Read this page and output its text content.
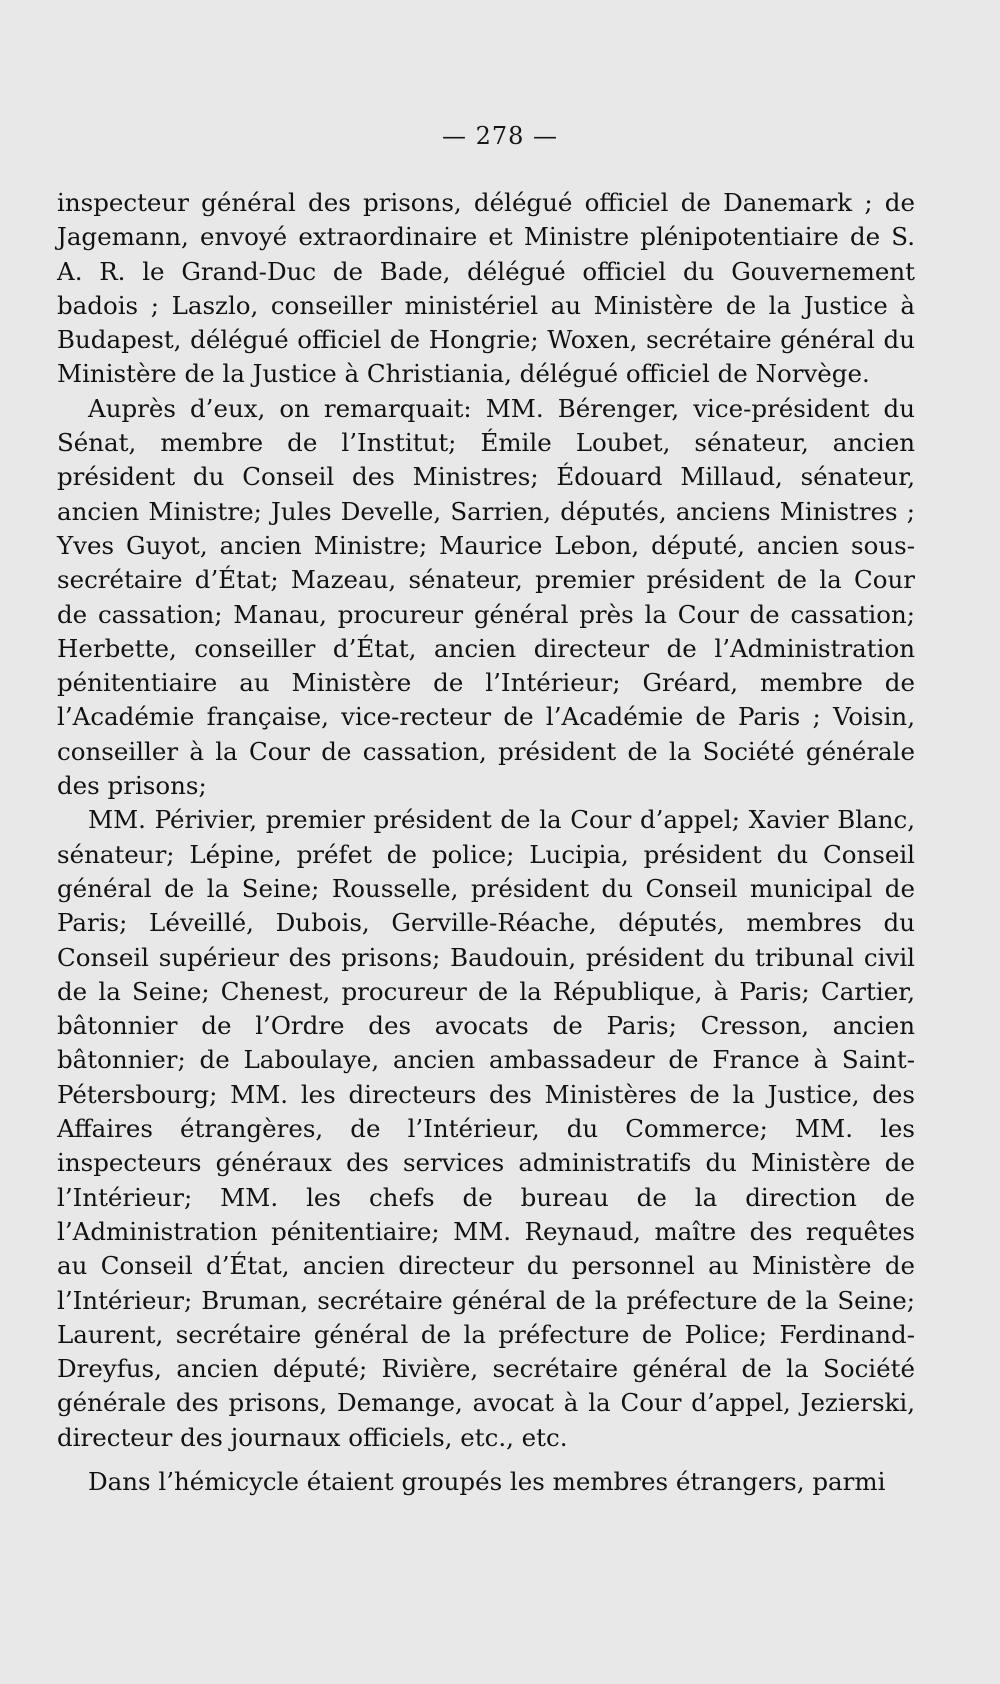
— 278 —

inspecteur général des prisons, délégué officiel de Danemark ; de Jagemann, envoyé extraordinaire et Ministre plénipotentiaire de S. A. R. le Grand-Duc de Bade, délégué officiel du Gouvernement badois ; Laszlo, conseiller ministériel au Ministère de la Justice à Budapest, délégué officiel de Hongrie; Woxen, secrétaire général du Ministère de la Justice à Christiania, délégué officiel de Norvège.

Auprès d’eux, on remarquait: MM. Bérenger, vice-président du Sénat, membre de l’Institut; Émile Loubet, sénateur, ancien président du Conseil des Ministres; Édouard Millaud, sénateur, ancien Ministre; Jules Develle, Sarrien, députés, anciens Ministres ; Yves Guyot, ancien Ministre; Maurice Lebon, député, ancien sous-secrétaire d’État; Mazeau, sénateur, premier président de la Cour de cassation; Manau, procureur général près la Cour de cassation; Herbette, conseiller d’État, ancien directeur de l’Administration pénitentiaire au Ministère de l’Intérieur; Gréard, membre de l’Académie française, vice-recteur de l’Académie de Paris ; Voisin, conseiller à la Cour de cassation, président de la Société générale des prisons;

MM. Périvier, premier président de la Cour d’appel; Xavier Blanc, sénateur; Lépine, préfet de police; Lucipia, président du Conseil général de la Seine; Rousselle, président du Conseil municipal de Paris; Léveillé, Dubois, Gerville-Réache, députés, membres du Conseil supérieur des prisons; Baudouin, président du tribunal civil de la Seine; Chenest, procureur de la République, à Paris; Cartier, bâtonnier de l’Ordre des avocats de Paris; Cresson, ancien bâtonnier; de Laboulaye, ancien ambassadeur de France à Saint-Pétersbourg; MM. les directeurs des Ministères de la Justice, des Affaires étrangères, de l’Intérieur, du Commerce; MM. les inspecteurs généraux des services administratifs du Ministère de l’Intérieur; MM. les chefs de bureau de la direction de l’Administration pénitentiaire; MM. Reynaud, maître des requêtes au Conseil d’État, ancien directeur du personnel au Ministère de l’Intérieur; Bruman, secrétaire général de la préfecture de la Seine; Laurent, secrétaire général de la préfecture de Police; Ferdinand-Dreyfus, ancien député; Rivière, secrétaire général de la Société générale des prisons, Demange, avocat à la Cour d’appel, Jezierski, directeur des journaux officiels, etc., etc.

Dans l’hémicycle étaient groupés les membres étrangers, parmi
